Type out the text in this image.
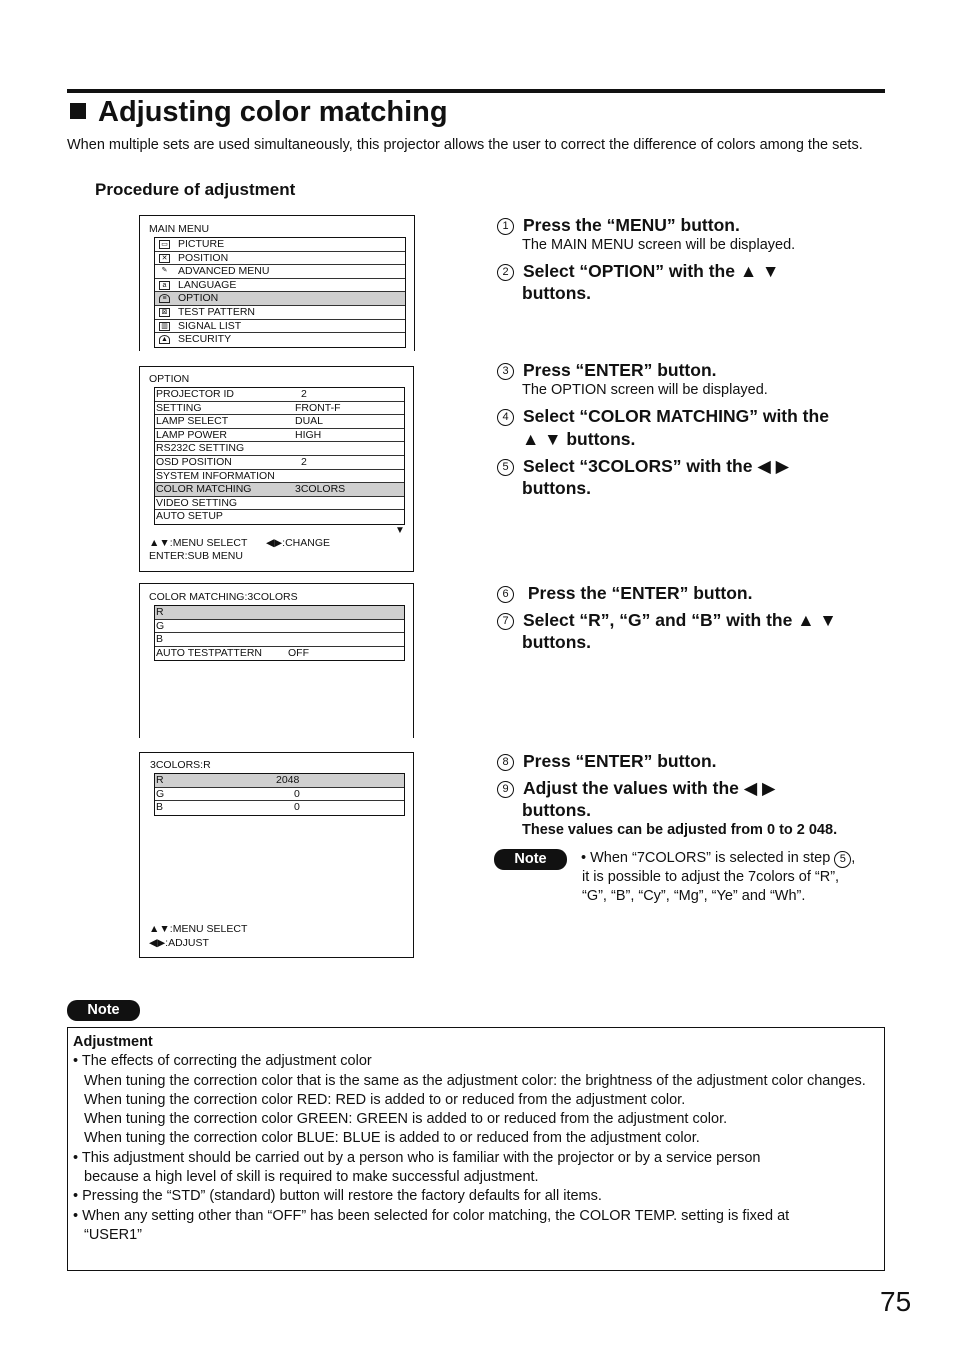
Adjusting color matching
When multiple sets are used simultaneously, this projector allows the user to correct the difference of colors among the sets.
Procedure of adjustment
MAIN MENU
▭ PICTURE
✕ POSITION
✎ ADVANCED MENU
a	LANGUAGE
≡	OPTION
⊠ TEST PATTERN
▥ SIGNAL LIST
▲ SECURITY
OPTION
PROJECTOR ID	2
SETTING	FRONT-F
LAMP SELECT	DUAL
LAMP POWER	HIGH
RS232C SETTING
OSD POSITION	2
SYSTEM INFORMATION
COLOR MATCHING	3COLORS
VIDEO SETTING
AUTO SETUP
▼
▲▼:MENU SELECT ◀▶:CHANGE
ENTER:SUB MENU
COLOR MATCHING:3COLORS
R
G
B
AUTO TESTPATTERN OFF
3COLORS:R
R	2048
G	0
B	0
▲▼:MENU SELECT
◀▶:ADJUST
1 Press the “MENU” button.
The MAIN MENU screen will be displayed.
2 Select “OPTION” with the ▲ ▼
buttons.
3 Press “ENTER” button.
The OPTION screen will be displayed.
4 Select “COLOR MATCHING” with the
▲ ▼ buttons.
5 Select “3COLORS” with the ◀ ▶
buttons.
6 Press the “ENTER” button.
7 Select “R”, “G” and “B” with the ▲ ▼
buttons.
8 Press “ENTER” button.
9 Adjust the values with the ◀ ▶
buttons.
These values can be adjusted from 0 to 2 048.
Note	• When “7COLORS” is selected in step 5 ,
it is possible to adjust the 7colors of “R”,
“G”, “B”, “Cy”, “Mg”, “Ye” and “Wh”.
Note
Adjustment
• The effects of correcting the adjustment color
When tuning the correction color that is the same as the adjustment color: the brightness of the adjustment color changes.
When tuning the correction color RED: RED is added to or reduced from the adjustment color.
When tuning the correction color GREEN: GREEN is added to or reduced from the adjustment color.
When tuning the correction color BLUE: BLUE is added to or reduced from the adjustment color.
• This adjustment should be carried out by a person who is familiar with the projector or by a service person
because a high level of skill is required to make successful adjustment.
• Pressing the “STD” (standard) button will restore the factory defaults for all items.
• When any setting other than “OFF” has been selected for color matching, the COLOR TEMP. setting is fixed at
“USER1”
75
